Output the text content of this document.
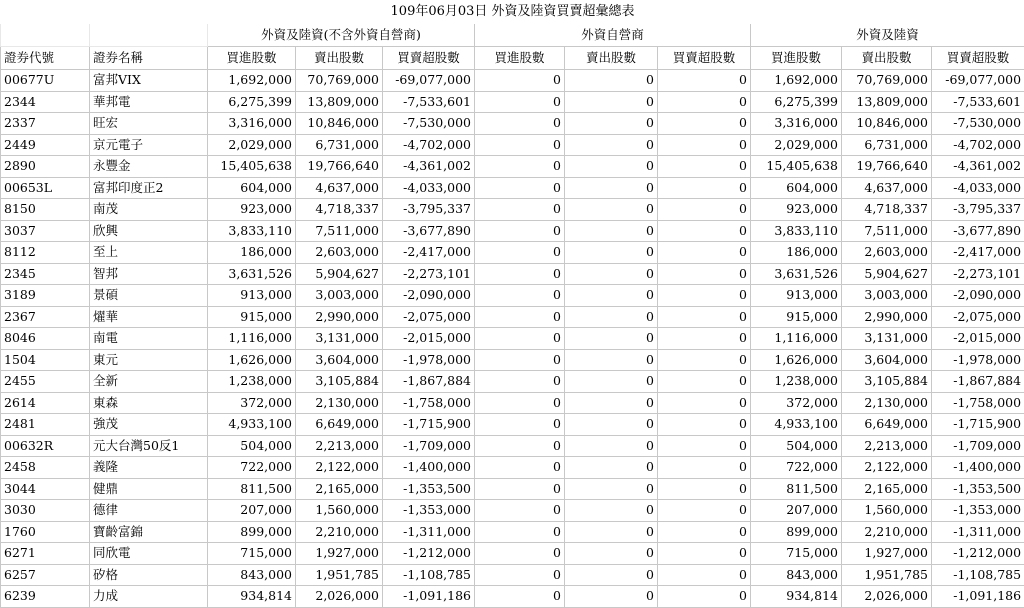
109年06月03日 外資及陸資買賣超彙總表										
		外資及陸資(不含外資自營商)			外資自營商			外資及陸資		
證券代號	證券名稱	買進股數	賣出股數	買賣超股數	買進股數	賣出股數	買賣超股數	買進股數	賣出股數	買賣超股數
00677U	富邦VIX	1,692,000	70,769,000	-69,077,000	0	0	0	1,692,000	70,769,000	-69,077,000
2344	華邦電	6,275,399	13,809,000	-7,533,601	0	0	0	6,275,399	13,809,000	-7,533,601
2337	旺宏	3,316,000	10,846,000	-7,530,000	0	0	0	3,316,000	10,846,000	-7,530,000
2449	京元電子	2,029,000	6,731,000	-4,702,000	0	0	0	2,029,000	6,731,000	-4,702,000
2890	永豐金	15,405,638	19,766,640	-4,361,002	0	0	0	15,405,638	19,766,640	-4,361,002
00653L	富邦印度正2	604,000	4,637,000	-4,033,000	0	0	0	604,000	4,637,000	-4,033,000
8150	南茂	923,000	4,718,337	-3,795,337	0	0	0	923,000	4,718,337	-3,795,337
3037	欣興	3,833,110	7,511,000	-3,677,890	0	0	0	3,833,110	7,511,000	-3,677,890
8112	至上	186,000	2,603,000	-2,417,000	0	0	0	186,000	2,603,000	-2,417,000
2345	智邦	3,631,526	5,904,627	-2,273,101	0	0	0	3,631,526	5,904,627	-2,273,101
3189	景碩	913,000	3,003,000	-2,090,000	0	0	0	913,000	3,003,000	-2,090,000
2367	燿華	915,000	2,990,000	-2,075,000	0	0	0	915,000	2,990,000	-2,075,000
8046	南電	1,116,000	3,131,000	-2,015,000	0	0	0	1,116,000	3,131,000	-2,015,000
1504	東元	1,626,000	3,604,000	-1,978,000	0	0	0	1,626,000	3,604,000	-1,978,000
2455	全新	1,238,000	3,105,884	-1,867,884	0	0	0	1,238,000	3,105,884	-1,867,884
2614	東森	372,000	2,130,000	-1,758,000	0	0	0	372,000	2,130,000	-1,758,000
2481	強茂	4,933,100	6,649,000	-1,715,900	0	0	0	4,933,100	6,649,000	-1,715,900
00632R	元大台灣50反1	504,000	2,213,000	-1,709,000	0	0	0	504,000	2,213,000	-1,709,000
2458	義隆	722,000	2,122,000	-1,400,000	0	0	0	722,000	2,122,000	-1,400,000
3044	健鼎	811,500	2,165,000	-1,353,500	0	0	0	811,500	2,165,000	-1,353,500
3030	德律	207,000	1,560,000	-1,353,000	0	0	0	207,000	1,560,000	-1,353,000
1760	寶齡富錦	899,000	2,210,000	-1,311,000	0	0	0	899,000	2,210,000	-1,311,000
6271	同欣電	715,000	1,927,000	-1,212,000	0	0	0	715,000	1,927,000	-1,212,000
6257	矽格	843,000	1,951,785	-1,108,785	0	0	0	843,000	1,951,785	-1,108,785
6239	力成	934,814	2,026,000	-1,091,186	0	0	0	934,814	2,026,000	-1,091,186
